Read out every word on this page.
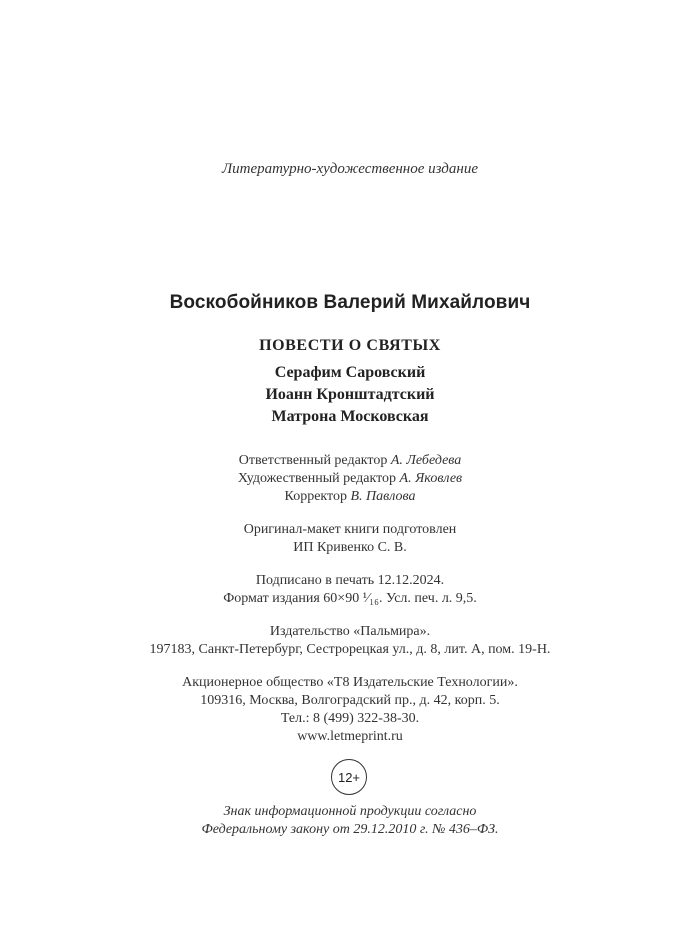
Литературно-художественное издание
Воскобойников Валерий Михайлович
ПОВЕСТИ О СВЯТЫХ
Серафим Саровский
Иоанн Кронштадтский
Матрона Московская
Ответственный редактор А. Лебедева
Художественный редактор А. Яковлев
Корректор В. Павлова
Оригинал-макет книги подготовлен
ИП Кривенко С. В.
Подписано в печать 12.12.2024.
Формат издания 60×90 ¹⁄₁₆. Усл. печ. л. 9,5.
Издательство «Пальмира».
197183, Санкт-Петербург, Сестрорецкая ул., д. 8, лит. А, пом. 19-Н.
Акционерное общество «Т8 Издательские Технологии».
109316, Москва, Волгоградский пр., д. 42, корп. 5.
Тел.: 8 (499) 322-38-30.
www.letmeprint.ru
12+
Знак информационной продукции согласно
Федеральному закону от 29.12.2010 г. № 436–ФЗ.
